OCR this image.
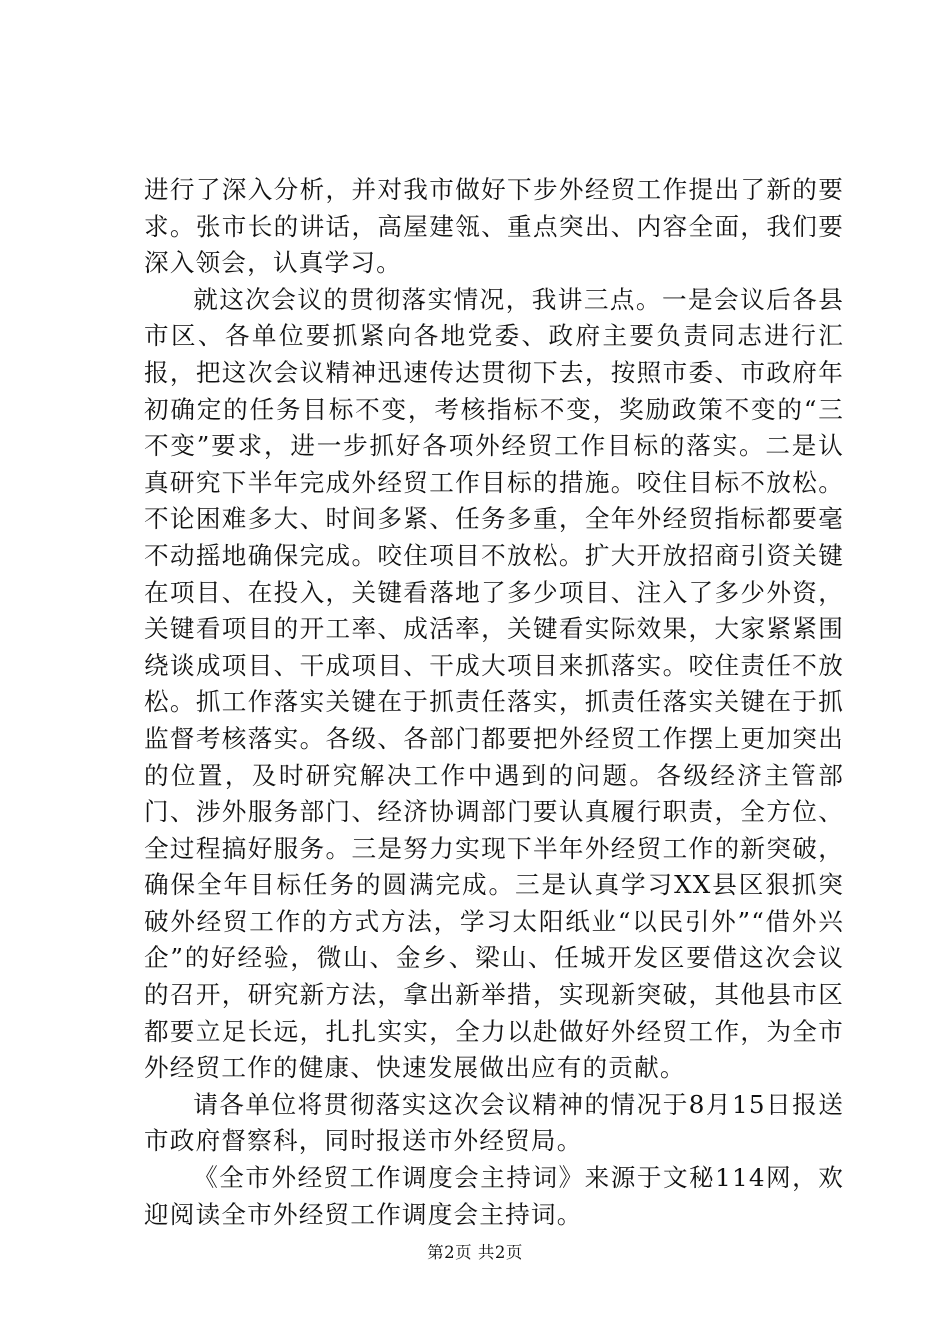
进行了深入分析，并对我市做好下步外经贸工作提出了新的要求。张市长的讲话，高屋建瓴、重点突出、内容全面，我们要深入领会，认真学习。

就这次会议的贯彻落实情况，我讲三点。一是会议后各县市区、各单位要抓紧向各地党委、政府主要负责同志进行汇报，把这次会议精神迅速传达贯彻下去，按照市委、市政府年初确定的任务目标不变，考核指标不变，奖励政策不变的“三不变”要求，进一步抓好各项外经贸工作目标的落实。二是认真研究下半年完成外经贸工作目标的措施。咬住目标不放松。不论困难多大、时间多紧、任务多重，全年外经贸指标都要毫不动摇地确保完成。咬住项目不放松。扩大开放招商引资关键在项目、在投入，关键看落地了多少项目、注入了多少外资，关键看项目的开工率、成活率，关键看实际效果，大家紧紧围绕谈成项目、干成项目、干成大项目来抓落实。咬住责任不放松。抓工作落实关键在于抓责任落实，抓责任落实关键在于抓监督考核落实。各级、各部门都要把外经贸工作摆上更加突出的位置，及时研究解决工作中遇到的问题。各级经济主管部门、涉外服务部门、经济协调部门要认真履行职责，全方位、全过程搞好服务。三是努力实现下半年外经贸工作的新突破，确保全年目标任务的圆满完成。三是认真学习XX县区狠抓突破外经贸工作的方式方法，学习太阳纸业“以民引外”“借外兴企”的好经验，微山、金乡、梁山、任城开发区要借这次会议的召开，研究新方法，拿出新举措，实现新突破，其他县市区都要立足长远，扎扎实实，全力以赴做好外经贸工作，为全市外经贸工作的健康、快速发展做出应有的贡献。

请各单位将贯彻落实这次会议精神的情况于8月15日报送市政府督察科，同时报送市外经贸局。

《全市外经贸工作调度会主持词》来源于文秘114网，欢迎阅读全市外经贸工作调度会主持词。

第2页 共2页
